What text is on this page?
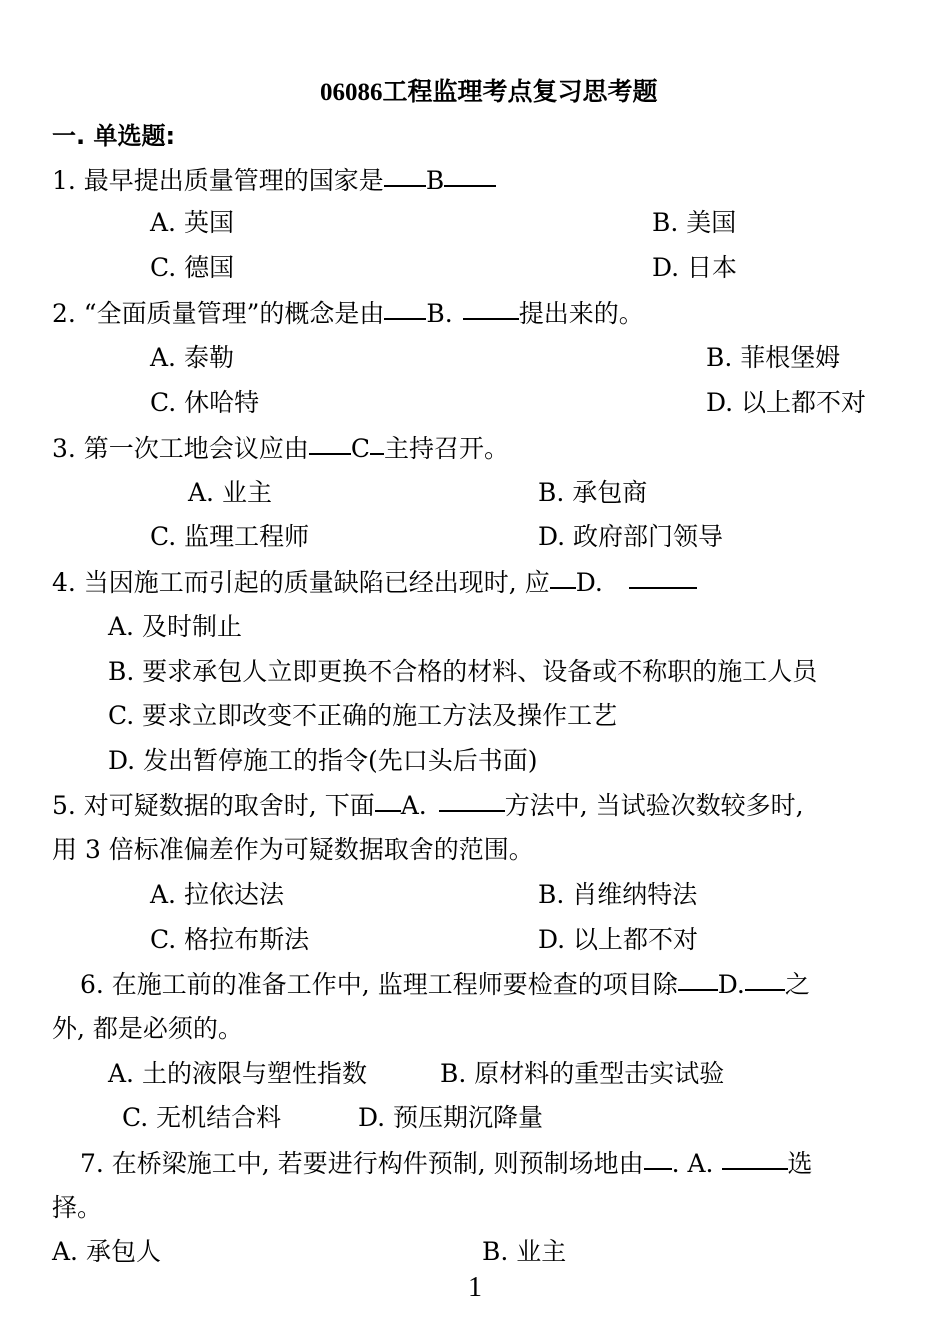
06086工程监理考点复习思考题
一. 单选题:
1. 最早提出质量管理的国家是 B
A. 英国	B. 美国
C. 德国	D. 日本
2. “全面质量管理”的概念是由 B.	提出来的。
A. 泰勒	B. 菲根堡姆
C. 休哈特	D. 以上都不对
3. 第一次工地会议应由 C 主持召开。
A. 业主	B. 承包商
C. 监理工程师	D. 政府部门领导
4. 当因施工而引起的质量缺陷已经出现时, 应 D.
A. 及时制止
B. 要求承包人立即更换不合格的材料、设备或不称职的施工人员
C. 要求立即改变不正确的施工方法及操作工艺
D. 发出暂停施工的指令(先口头后书面)
5. 对可疑数据的取舍时, 下面 A.	方法中, 当试验次数较多时,
用 3 倍标准偏差作为可疑数据取舍的范围。
A. 拉依达法	B. 肖维纳特法
C. 格拉布斯法	D. 以上都不对
6. 在施工前的准备工作中, 监理工程师要检查的项目除 D. 之
外, 都是必须的。
A. 土的液限与塑性指数	B. 原材料的重型击实试验
C. 无机结合料	D. 预压期沉降量
7. 在桥梁施工中, 若要进行构件预制, 则预制场地由 . A.	选
择。
A. 承包人	B. 业主
1
